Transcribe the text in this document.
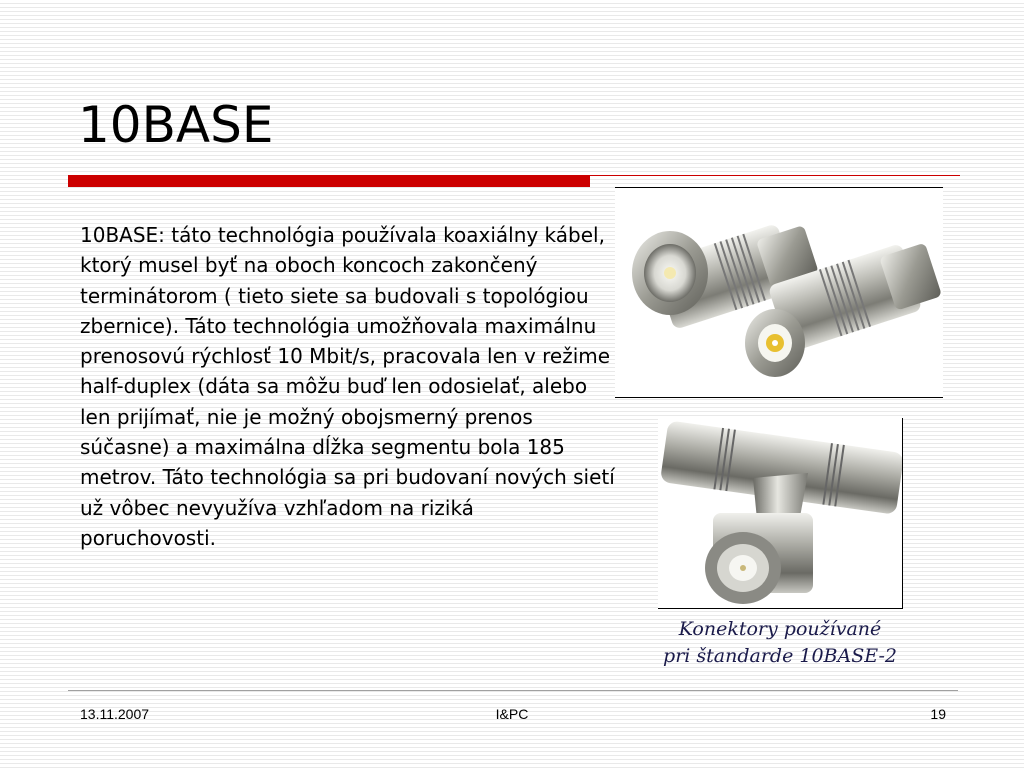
10BASE

10BASE: táto technológia používala koaxiálny kábel, ktorý musel byť na oboch koncoch zakončený terminátorom ( tieto siete sa budovali s topológiou zbernice). Táto technológia umožňovala maximálnu prenosovú rýchlosť 10 Mbit/s, pracovala len v režime half-duplex (dáta sa môžu buď len odosielať, alebo len prijímať, nie je možný obojsmerný prenos súčasne) a maximálna dĺžka segmentu bola 185 metrov. Táto technológia sa pri budovaní nových sietí už vôbec nevyužíva vzhľadom na riziká poruchovosti.

Konektory používané
pri štandarde 10BASE-2
13.11.2007	I&PC	19
